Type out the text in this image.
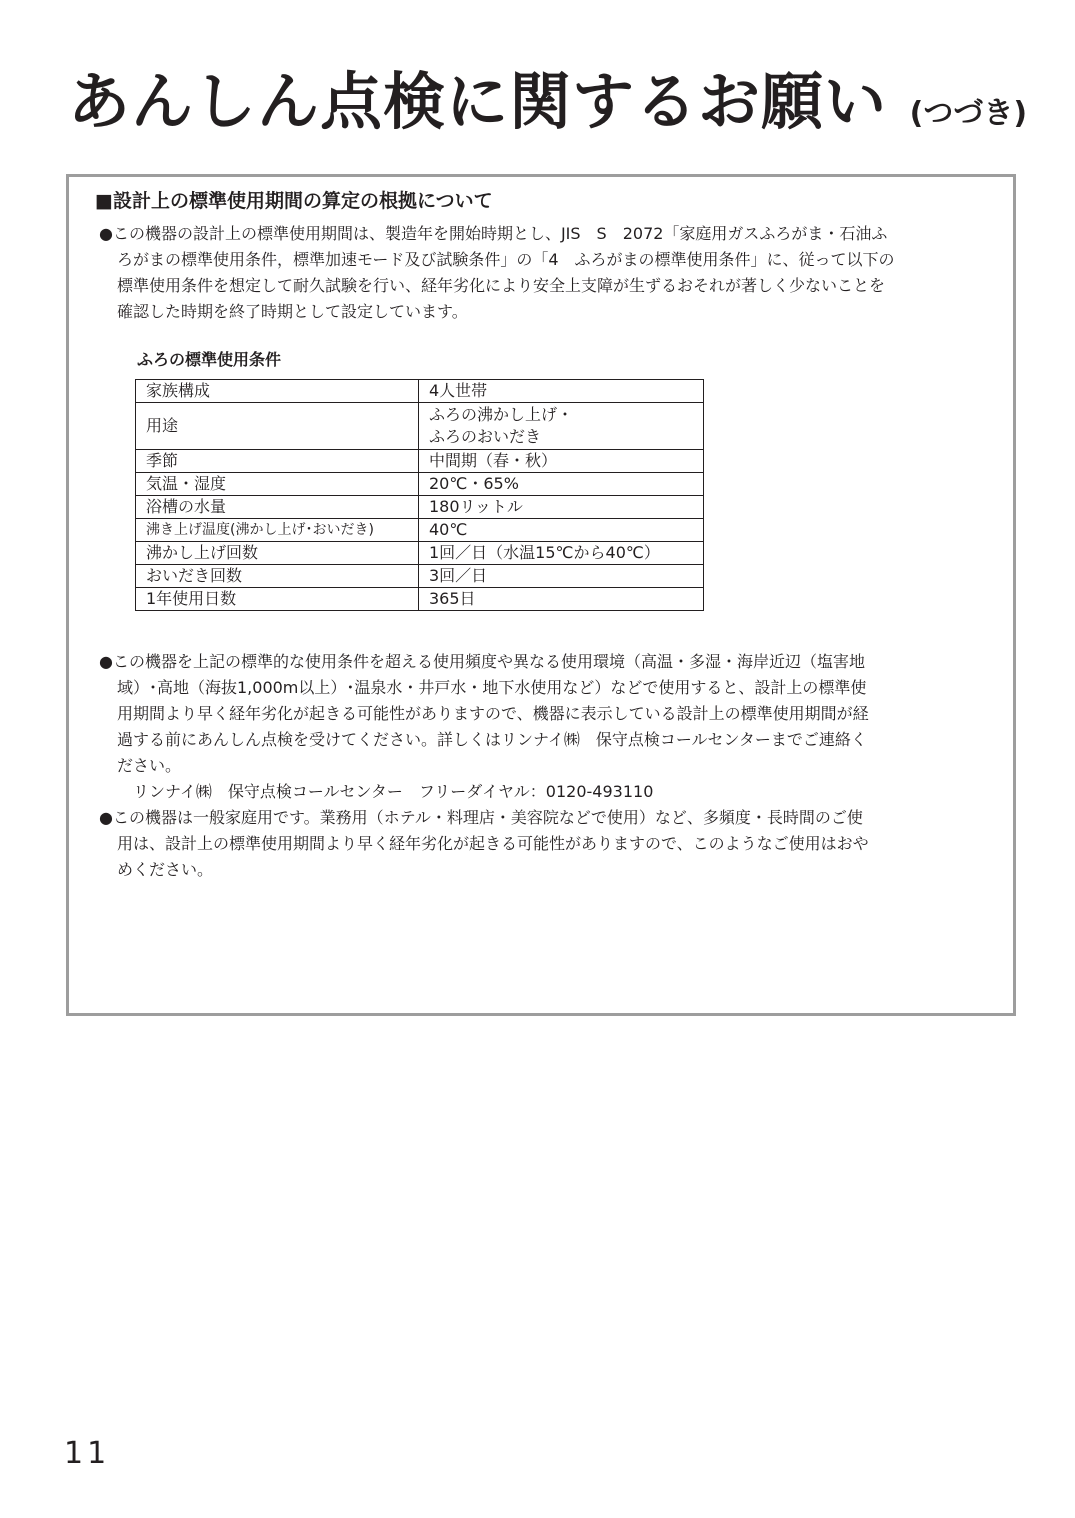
あんしん点検に関するお願い (つづき)
■設計上の標準使用期間の算定の根拠について
●この機器の設計上の標準使用期間は、製造年を開始時期とし、JIS　S　2072「家庭用ガスふろがま・石油ふ
ろがまの標準使用条件，標準加速モード及び試験条件」の「4　ふろがまの標準使用条件」に、従って以下の
標準使用条件を想定して耐久試験を行い、経年劣化により安全上支障が生ずるおそれが著しく少ないことを
確認した時期を終了時期として設定しています。
ふろの標準使用条件
家族構成	4人世帯
用途	ふろの沸かし上げ・
ふろのおいだき

季節	中間期（春・秋）
気温・湿度	20℃・65%
浴槽の水量	180リットル
沸き上げ温度(沸かし上げ･おいだき)	40℃
沸かし上げ回数	1回／日（水温15℃から40℃）
おいだき回数	3回／日
1年使用日数	365日
●この機器を上記の標準的な使用条件を超える使用頻度や異なる使用環境（高温・多湿・海岸近辺（塩害地
域）･高地（海抜1,000m以上）･温泉水・井戸水・地下水使用など）などで使用すると、設計上の標準使
用期間より早く経年劣化が起きる可能性がありますので、機器に表示している設計上の標準使用期間が経
過する前にあんしん点検を受けてください。詳しくはリンナイ㈱　保守点検コールセンターまでご連絡く
ださい。
　リンナイ㈱　保守点検コールセンター　フリーダイヤル：0120-493110
●この機器は一般家庭用です。業務用（ホテル・料理店・美容院などで使用）など、多頻度・長時間のご使
用は、設計上の標準使用期間より早く経年劣化が起きる可能性がありますので、このようなご使用はおや
めください。
11
